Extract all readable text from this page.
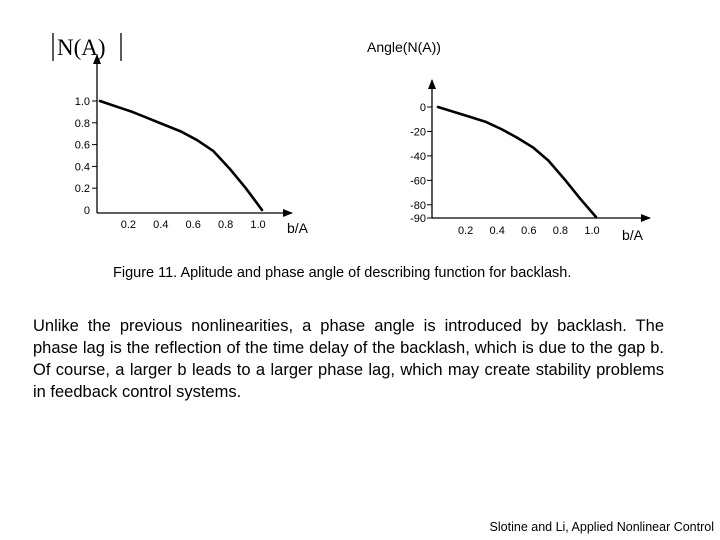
N(A)
0
0.2
0.4
0.6
0.8
1.0
0.2 0.4 0.6 0.8 1.0 b/A
Angle(N(A))
0
-20
-40
-60
-80
-90
0.2 0.4 0.6 0.8 1.0 b/A
Figure 11. Aplitude and phase angle of describing function for backlash.
Unlike the previous nonlinearities, a phase angle is introduced by backlash. The phase lag is the reflection of the time delay of the backlash, which is due to the gap b. Of course, a larger b leads to a larger phase lag, which may create stability problems in feedback control systems.
Slotine and Li, Applied Nonlinear Control
